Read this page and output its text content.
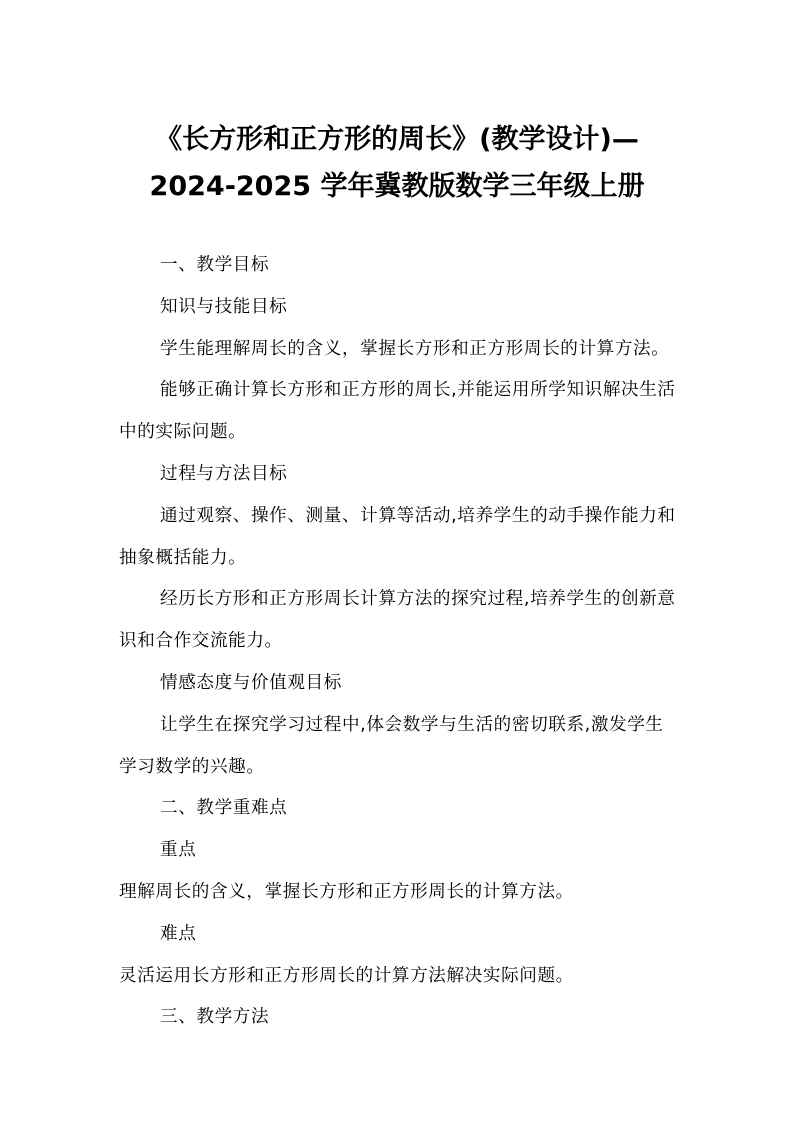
《长方形和正方形的周长》(教学设计)—
2024-2025 学年冀教版数学三年级上册

一、教学目标

知识与技能目标

学生能理解周长的含义，掌握长方形和正方形周长的计算方法。

能够正确计算长方形和正方形的周长,并能运用所学知识解决生活中的实际问题。

过程与方法目标

通过观察、操作、测量、计算等活动,培养学生的动手操作能力和抽象概括能力。

经历长方形和正方形周长计算方法的探究过程,培养学生的创新意识和合作交流能力。

情感态度与价值观目标

让学生在探究学习过程中,体会数学与生活的密切联系,激发学生学习数学的兴趣。

二、教学重难点

重点

理解周长的含义，掌握长方形和正方形周长的计算方法。

难点

灵活运用长方形和正方形周长的计算方法解决实际问题。

三、教学方法
